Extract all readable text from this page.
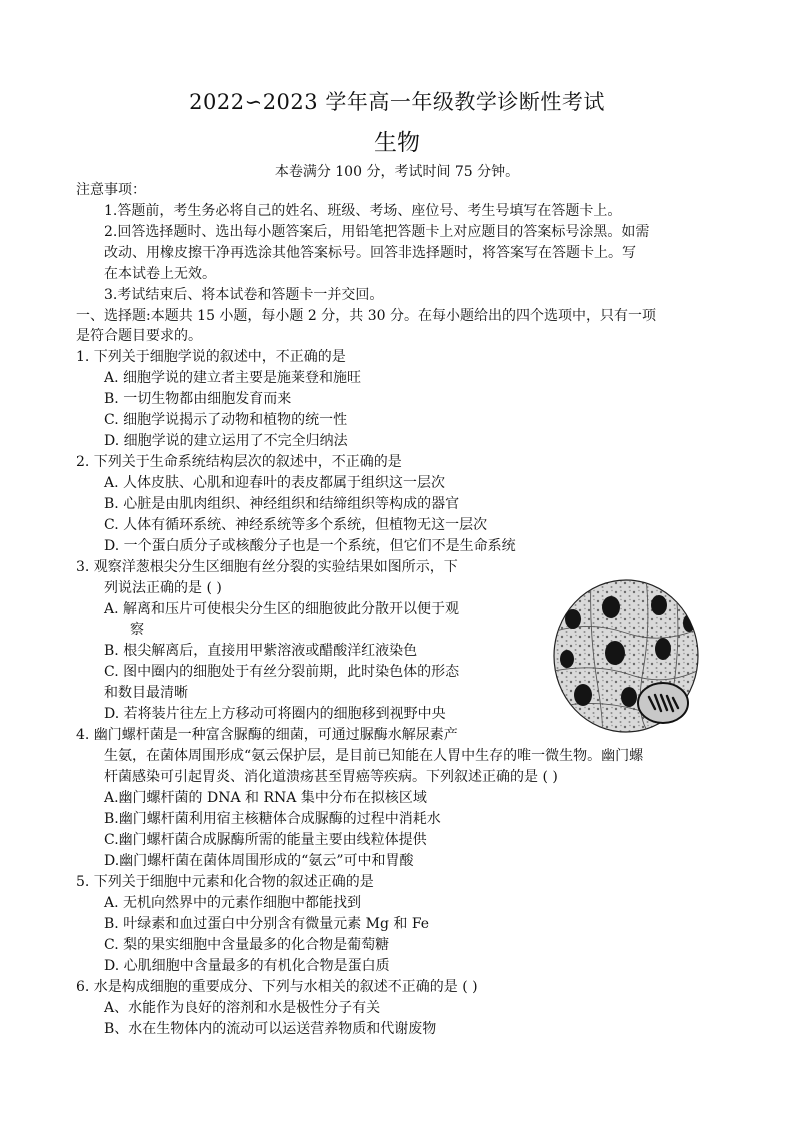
2022∽2023 学年高一年级教学诊断性考试
生物
本卷满分 100 分，考试时间 75 分钟。
注意事项：
1.答题前，考生务必将自己的姓名、班级、考场、座位号、考生号填写在答题卡上。
2.回答选择题时、选出每小题答案后，用铅笔把答题卡上对应题目的答案标号涂黑。如需
改动、用橡皮擦干净再选涂其他答案标号。回答非选择题时，将答案写在答题卡上。写
在本试卷上无效。
3.考试结束后、将本试卷和答题卡一并交回。
一、选择题:本题共 15 小题，每小题 2 分，共 30 分。在每小题给出的四个选项中，只有一项
是符合题目要求的。
1. 下列关于细胞学说的叙述中，不正确的是
A. 细胞学说的建立者主要是施莱登和施旺
B. 一切生物都由细胞发育而来
C. 细胞学说揭示了动物和植物的统一性
D. 细胞学说的建立运用了不完全归纳法
2. 下列关于生命系统结构层次的叙述中，不正确的是
A. 人体皮肤、心肌和迎春叶的表皮都属于组织这一层次
B. 心脏是由肌肉组织、神经组织和结缔组织等构成的器官
C. 人体有循环系统、神经系统等多个系统，但植物无这一层次
D. 一个蛋白质分子或核酸分子也是一个系统，但它们不是生命系统
3. 观察洋葱根尖分生区细胞有丝分裂的实验结果如图所示，下
列说法正确的是 ( )
A. 解离和压片可使根尖分生区的细胞彼此分散开以便于观
察
B. 根尖解离后，直接用甲紫溶液或醋酸洋红液染色
C. 图中圈内的细胞处于有丝分裂前期，此时染色体的形态
和数目最清晰
D. 若将装片往左上方移动可将圈内的细胞移到视野中央
4. 幽门螺杆菌是一种富含脲酶的细菌，可通过脲酶水解尿素产
生氨，在菌体周围形成“氨云保护层，是目前已知能在人胃中生存的唯一微生物。幽门螺
杆菌感染可引起胃炎、消化道溃疡甚至胃癌等疾病。下列叙述正确的是 ( )
A.幽门螺杆菌的 DNA 和 RNA 集中分布在拟核区域
B.幽门螺杆菌利用宿主核糖体合成脲酶的过程中消耗水
C.幽门螺杆菌合成脲酶所需的能量主要由线粒体提供
D.幽门螺杆菌在菌体周围形成的“氨云”可中和胃酸
5. 下列关于细胞中元素和化合物的叙述正确的是
A. 无机向然界中的元素作细胞中都能找到
B. 叶绿素和血过蛋白中分别含有微量元素 Mg 和 Fe
C. 梨的果实细胞中含量最多的化合物是葡萄糖
D. 心肌细胞中含量最多的有机化合物是蛋白质
6. 水是构成细胞的重要成分、下列与水相关的叙述不正确的是 ( )
A、水能作为良好的溶剂和水是极性分子有关
B、水在生物体内的流动可以运送营养物质和代谢废物
